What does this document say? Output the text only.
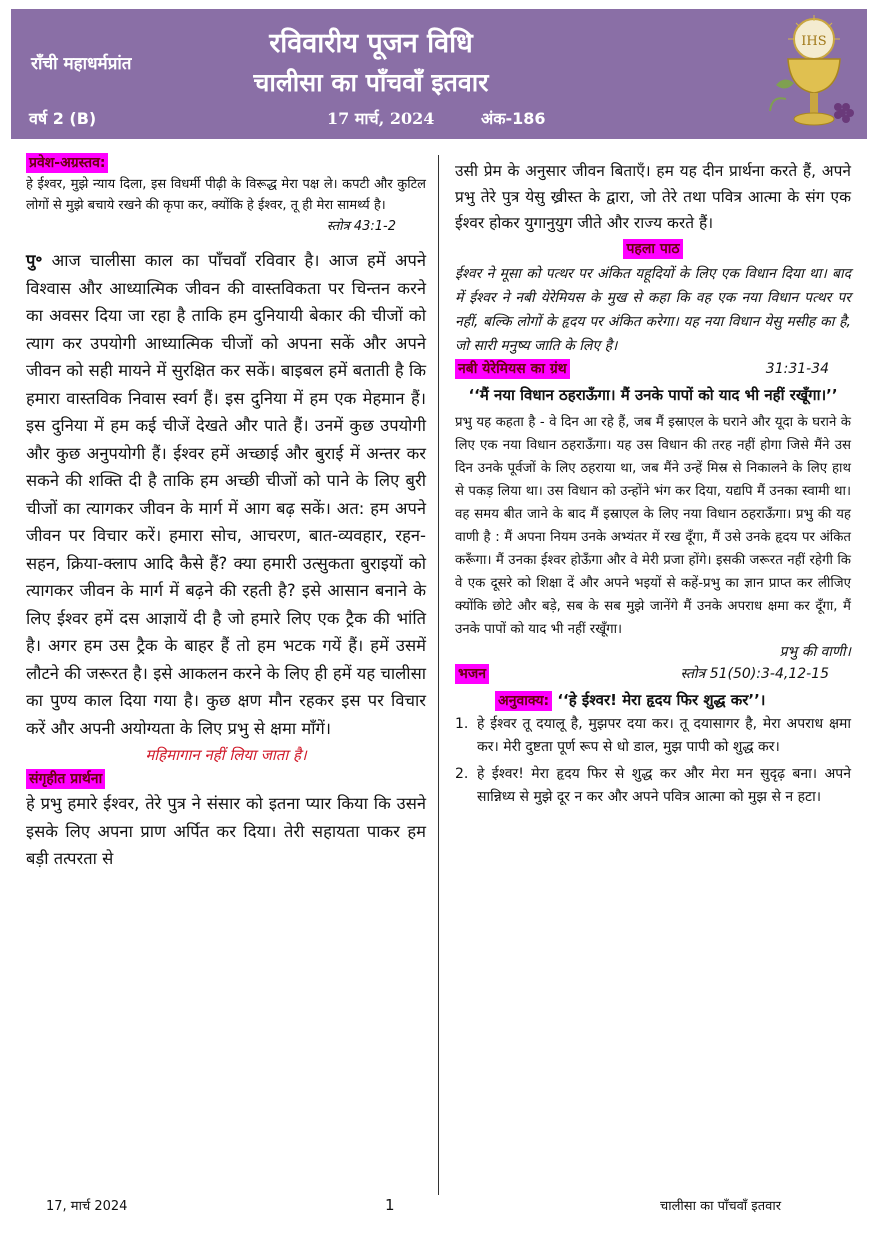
राँची महाधर्मप्रांत
रविवारीय पूजन विधि
चालीसा का पाँचवाँ इतवार
वर्ष 2 (B)	17 मार्च, 2024	अंक-186
IHS
प्रवेश-अग्रस्तव:

हे ईश्वर, मुझे न्याय दिला, इस विधर्मी पीढ़ी के विरूद्ध मेरा पक्ष ले। कपटी और कुटिल लोगों से मुझे बचाये रखने की कृपा कर, क्योंकि हे ईश्वर, तू ही मेरा सामर्थ्य है।

स्तोत्र 43:1-2

पु॰ आज चालीसा काल का पाँचवाँ रविवार है। आज हमें अपने विश्वास और आध्यात्मिक जीवन की वास्तविकता पर चिन्तन करने का अवसर दिया जा रहा है ताकि हम दुनियायी बेकार की चीजों को त्याग कर उपयोगी आध्यात्मिक चीजों को अपना सकें और अपने जीवन को सही मायने में सुरक्षित कर सकें। बाइबल हमें बताती है कि हमारा वास्तविक निवास स्वर्ग हैं। इस दुनिया में हम एक मेहमान हैं। इस दुनिया में हम कई चीजें देखते और पाते हैं। उनमें कुछ उपयोगी और कुछ अनुपयोगी हैं। ईश्वर हमें अच्छाई और बुराई में अन्तर कर सकने की शक्ति दी है ताकि हम अच्छी चीजों को पाने के लिए बुरी चीजों का त्यागकर जीवन के मार्ग में आग बढ़ सकें। अत: हम अपने जीवन पर विचार करें। हमारा सोच, आचरण, बात-व्यवहार, रहन-सहन, क्रिया-क्लाप आदि कैसे हैं? क्या हमारी उत्सुकता बुराइयों को त्यागकर जीवन के मार्ग में बढ़ने की रहती है? इसे आसान बनाने के लिए ईश्वर हमें दस आज्ञायें दी है जो हमारे लिए एक ट्रैक की भांति है। अगर हम उस ट्रैक के बाहर हैं तो हम भटक गयें हैं। हमें उसमें लौटने की जरूरत है। इसे आकलन करने के लिए ही हमें यह चालीसा का पुण्य काल दिया गया है। कुछ क्षण मौन रहकर इस पर विचार करें और अपनी अयोग्यता के लिए प्रभु से क्षमा माँगें।

महिमागान नहीं लिया जाता है।

संगृहीत प्रार्थना

हे प्रभु हमारे ईश्वर, तेरे पुत्र ने संसार को इतना प्यार किया कि उसने इसके लिए अपना प्राण अर्पित कर दिया। तेरी सहायता पाकर हम बड़ी तत्परता से

उसी प्रेम के अनुसार जीवन बिताएँ। हम यह दीन प्रार्थना करते हैं, अपने प्रभु तेरे पुत्र येसु ख्रीस्त के द्वारा, जो तेरे तथा पवित्र आत्मा के संग एक ईश्वर होकर युगानुयुग जीते और राज्य करते हैं।

पहला पाठ

ईश्वर ने मूसा को पत्थर पर अंकित यहूदियों के लिए एक विधान दिया था। बाद में ईश्वर ने नबी येरेमियस के मुख से कहा कि वह एक नया विधान पत्थर पर नहीं, बल्कि लोगों के हृदय पर अंकित करेगा। यह नया विधान येसु मसीह का है, जो सारी मनुष्य जाति के लिए है।

नबी येरेमियस का ग्रंथ	31:31-34

‘‘मैं नया विधान ठहराऊँगा। मैं उनके पापों को याद भी नहीं रखूँगा।’’

प्रभु यह कहता है - वे दिन आ रहे हैं, जब मैं इस्राएल के घराने और यूदा के घराने के लिए एक नया विधान ठहराऊँगा। यह उस विधान की तरह नहीं होगा जिसे मैंने उस दिन उनके पूर्वजों के लिए ठहराया था, जब मैंने उन्हें मिस्र से निकालने के लिए हाथ से पकड़ लिया था। उस विधान को उन्होंने भंग कर दिया, यद्यपि मैं उनका स्वामी था। वह समय बीत जाने के बाद मैं इस्राएल के लिए नया विधान ठहराऊँगा। प्रभु की यह वाणी है : मैं अपना नियम उनके अभ्यंतर में रख दूँगा, मैं उसे उनके हृदय पर अंकित करूँगा। मैं उनका ईश्वर होऊँगा और वे मेरी प्रजा होंगे। इसकी जरूरत नहीं रहेगी कि वे एक दूसरे को शिक्षा दें और अपने भइयों से कहें-प्रभु का ज्ञान प्राप्त कर लीजिए क्योंकि छोटे और बड़े, सब के सब मुझे जानेंगे मैं उनके अपराध क्षमा कर दूँगा, मैं उनके पापों को याद भी नहीं रखूँगा।

प्रभु की वाणी।

भजन	स्तोत्र 51(50):3-4,12-15
अनुवाक्य: ‘‘हे ईश्वर! मेरा हृदय फिर शुद्ध कर’’।
1. हे ईश्वर तू दयालू है, मुझपर दया कर। तू दयासागर है, मेरा अपराध क्षमा कर। मेरी दुष्टता पूर्ण रूप से धो डाल, मुझ पापी को शुद्ध कर।
2. हे ईश्वर! मेरा हृदय फिर से शुद्ध कर और मेरा मन सुदृढ़ बना। अपने सान्निध्य से मुझे दूर न कर और अपने पवित्र आत्मा को मुझ से न हटा।
17, मार्च 2024	1	चालीसा का पाँचवाँ इतवार
